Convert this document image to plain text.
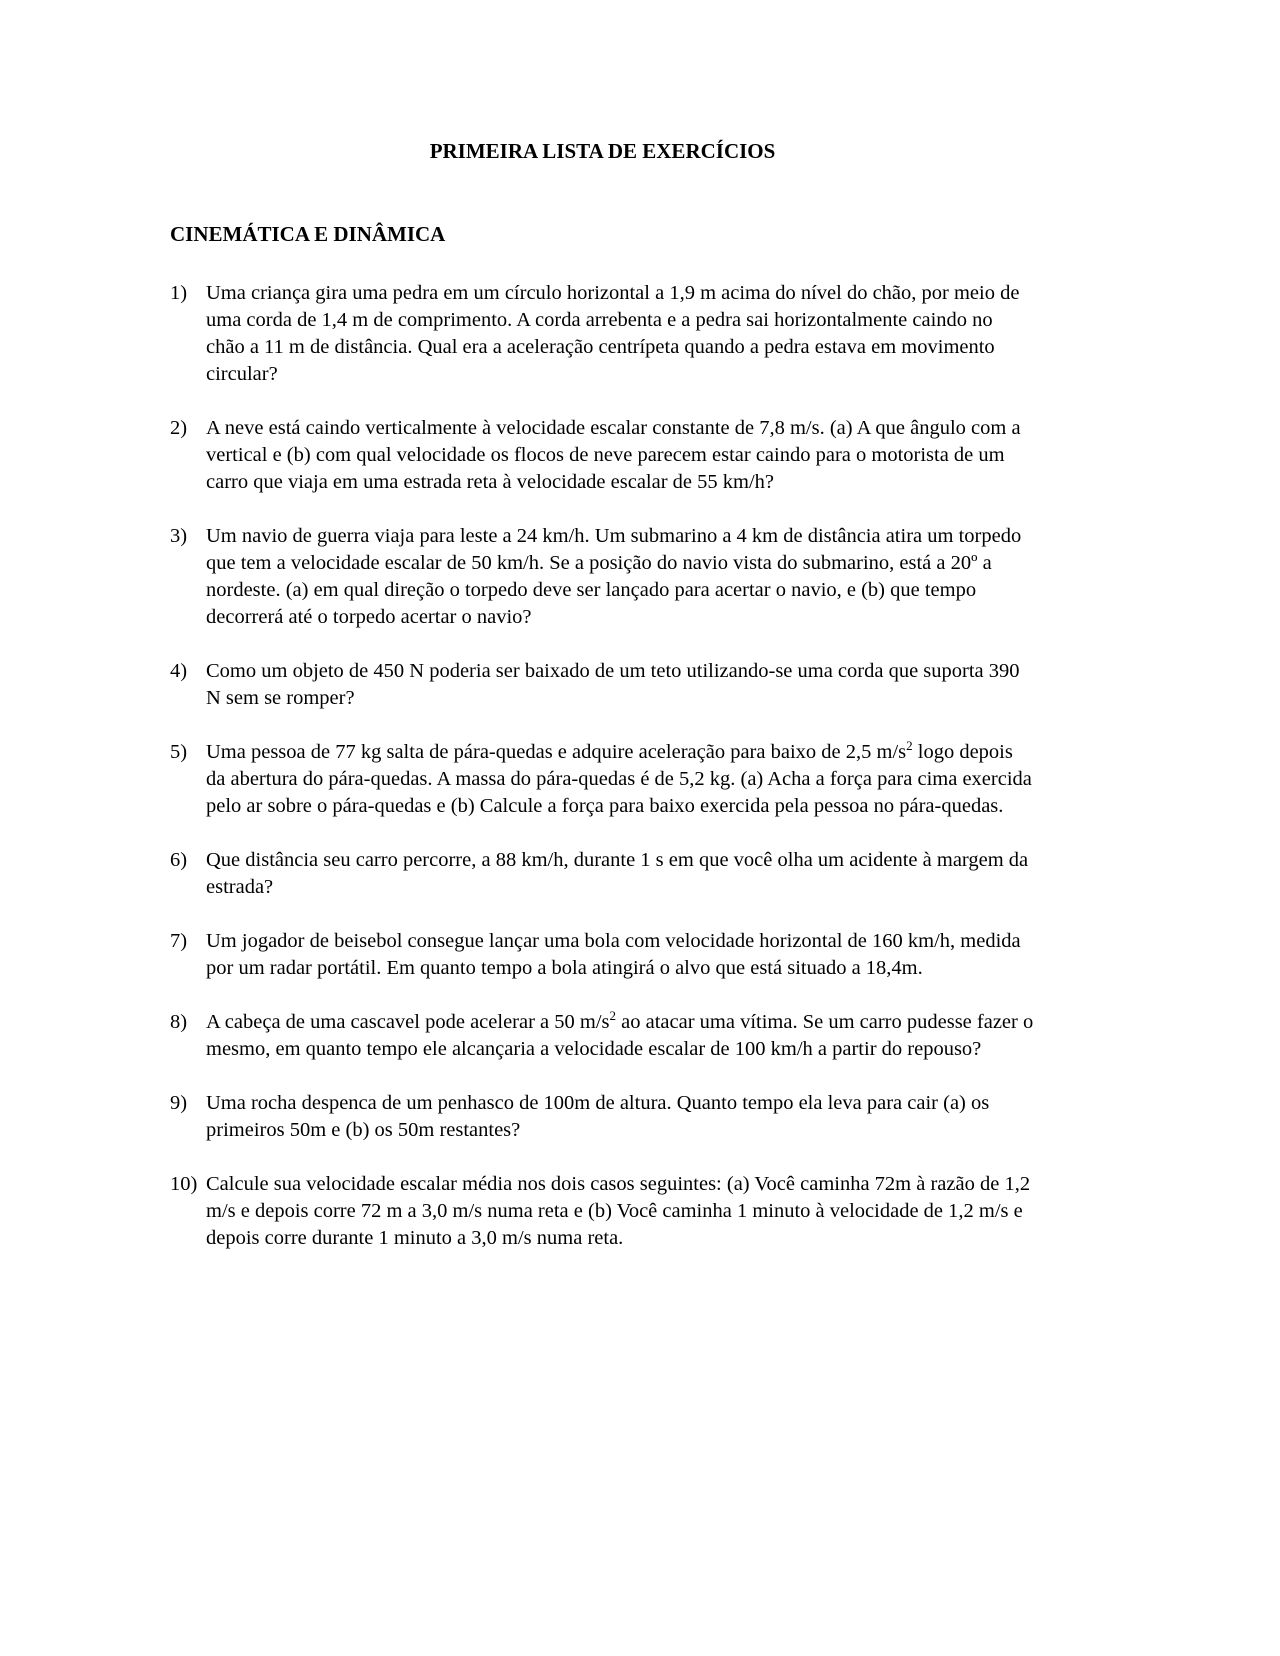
PRIMEIRA LISTA DE EXERCÍCIOS
CINEMÁTICA E DINÂMICA
1) Uma criança gira uma pedra em um círculo horizontal a 1,9 m acima do nível do chão, por meio de uma corda de 1,4 m de comprimento. A corda arrebenta e a pedra sai horizontalmente caindo no chão a 11 m de distância. Qual era a aceleração centrípeta quando a pedra estava em movimento circular?
2) A neve está caindo verticalmente à velocidade escalar constante de 7,8 m/s. (a) A que ângulo com a vertical e (b) com qual velocidade os flocos de neve parecem estar caindo para o motorista de um carro que viaja em uma estrada reta à velocidade escalar de 55 km/h?
3) Um navio de guerra viaja para leste a 24 km/h. Um submarino a 4 km de distância atira um torpedo que tem a velocidade escalar de 50 km/h. Se a posição do navio vista do submarino, está a 20º a nordeste. (a) em qual direção o torpedo deve ser lançado para acertar o navio, e (b) que tempo decorrerá até o torpedo acertar o navio?
4) Como um objeto de 450 N poderia ser baixado de um teto utilizando-se uma corda que suporta 390 N sem se romper?
5) Uma pessoa de 77 kg salta de pára-quedas e adquire aceleração para baixo de 2,5 $m/s^2$ logo depois da abertura do pára-quedas. A massa do pára-quedas é de 5,2 kg. (a) Acha a força para cima exercida pelo ar sobre o pára-quedas e (b) Calcule a força para baixo exercida pela pessoa no pára-quedas.
6) Que distância seu carro percorre, a 88 km/h, durante 1 s em que você olha um acidente à margem da estrada?
7) Um jogador de beisebol consegue lançar uma bola com velocidade horizontal de 160 km/h, medida por um radar portátil. Em quanto tempo a bola atingirá o alvo que está situado a 18,4m.
8) A cabeça de uma cascavel pode acelerar a 50 $m/s^2$ ao atacar uma vítima. Se um carro pudesse fazer o mesmo, em quanto tempo ele alcançaria a velocidade escalar de 100 km/h a partir do repouso?
9) Uma rocha despenca de um penhasco de 100m de altura. Quanto tempo ela leva para cair (a) os primeiros 50m e (b) os 50m restantes?
10) Calcule sua velocidade escalar média nos dois casos seguintes: (a) Você caminha 72m à razão de 1,2 m/s e depois corre 72 m a 3,0 m/s numa reta e (b) Você caminha 1 minuto à velocidade de 1,2 m/s e depois corre durante 1 minuto a 3,0 m/s numa reta.
